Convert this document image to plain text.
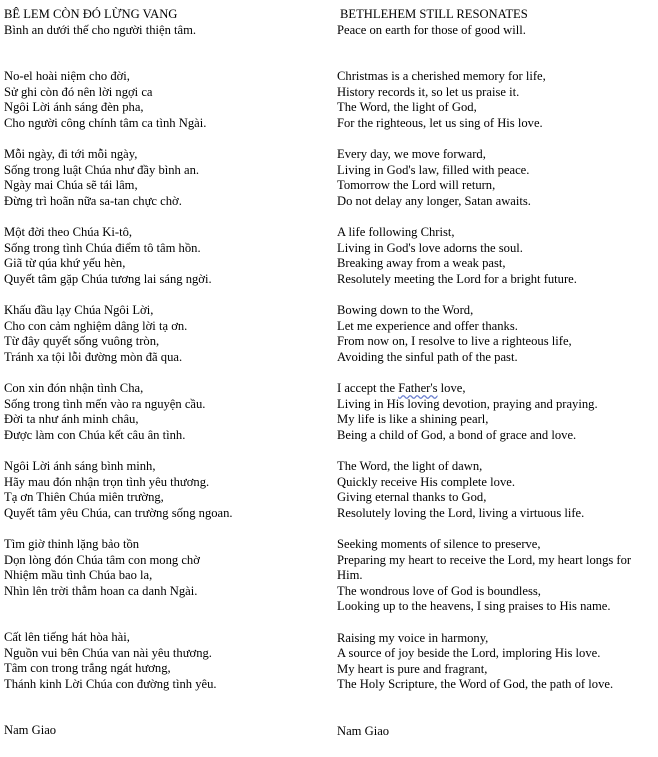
BÊ LEM CÒN ĐÓ LỪNG VANG
Bình an dưới thế cho người thiện tâm.
No-el hoài niệm cho đời,
Sử ghi còn đó nên lời ngợi ca
Ngôi Lời ánh sáng đèn pha,
Cho người công chính tâm ca tình Ngài.
Mỗi ngày, đi tới mỗi ngày,
Sống trong luật Chúa như đầy bình an.
Ngày mai Chúa sẽ tái lâm,
Đừng trì hoãn nữa sa-tan chực chờ.
Một đời theo Chúa Ki-tô,
Sống trong tình Chúa điểm tô tâm hồn.
Giã từ qúa khứ yếu hèn,
Quyết tâm gặp Chúa tương lai sáng ngời.
Khấu đầu lạy Chúa Ngôi Lời,
Cho con cảm nghiệm dâng lời tạ ơn.
Từ đây quyết sống vuông tròn,
Tránh xa tội lỗi đường mòn đã qua.
Con xin đón nhận tình Cha,
Sống trong tình mến vào ra nguyện cầu.
Đời ta như ánh minh châu,
Được làm con Chúa kết câu ân tình.
Ngôi Lời ánh sáng bình minh,
Hãy mau đón nhận trọn tình yêu thương.
Tạ ơn Thiên Chúa miên trường,
Quyết tâm yêu Chúa, can trường sống ngoan.
Tìm giờ thinh lặng bảo tồn
Dọn lòng đón Chúa tâm con mong chờ
Nhiệm mầu tình Chúa bao la,
Nhìn lên trời thẳm hoan ca danh Ngài.
Cất lên tiếng hát hòa hài,
Nguồn vui bên Chúa van nài yêu thương.
Tâm con trong trắng ngát hương,
Thánh kinh Lời Chúa con đường tình yêu.
Nam Giao
BETHLEHEM STILL RESONATES
Peace on earth for those of good will.
Christmas is a cherished memory for life,
History records it, so let us praise it.
The Word, the light of God,
For the righteous, let us sing of His love.
Every day, we move forward,
Living in God's law, filled with peace.
Tomorrow the Lord will return,
Do not delay any longer, Satan awaits.
A life following Christ,
Living in God's love adorns the soul.
Breaking away from a weak past,
Resolutely meeting the Lord for a bright future.
Bowing down to the Word,
Let me experience and offer thanks.
From now on, I resolve to live a righteous life,
Avoiding the sinful path of the past.
I accept the Father's love,
Living in His loving devotion, praying and praying.
My life is like a shining pearl,
Being a child of God, a bond of grace and love.
The Word, the light of dawn,
Quickly receive His complete love.
Giving eternal thanks to God,
Resolutely loving the Lord, living a virtuous life.
Seeking moments of silence to preserve,
Preparing my heart to receive the Lord, my heart longs for Him.
The wondrous love of God is boundless,
Looking up to the heavens, I sing praises to His name.
Raising my voice in harmony,
A source of joy beside the Lord, imploring His love.
My heart is pure and fragrant,
The Holy Scripture, the Word of God, the path of love.
Nam Giao
